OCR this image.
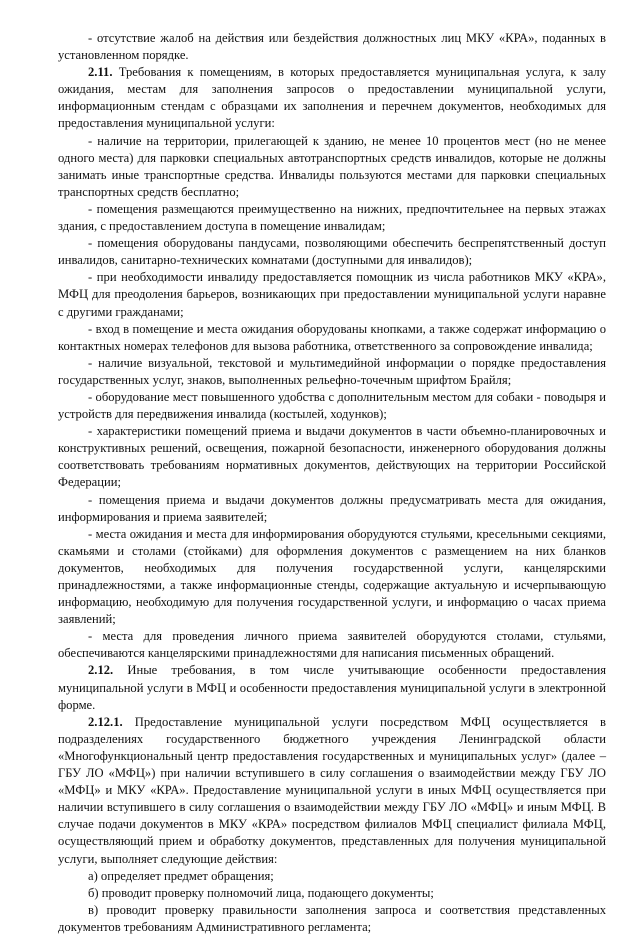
- отсутствие жалоб на действия или бездействия должностных лиц МКУ «КРА», поданных в установленном порядке.

2.11. Требования к помещениям, в которых предоставляется муниципальная услуга, к залу ожидания, местам для заполнения запросов о предоставлении муниципальной услуги, информационным стендам с образцами их заполнения и перечнем документов, необходимых для предоставления муниципальной услуги:

- наличие на территории, прилегающей к зданию, не менее 10 процентов мест (но не менее одного места) для парковки специальных автотранспортных средств инвалидов, которые не должны занимать иные транспортные средства. Инвалиды пользуются местами для парковки специальных транспортных средств бесплатно;

- помещения размещаются преимущественно на нижних, предпочтительнее на первых этажах здания, с предоставлением доступа в помещение инвалидам;

- помещения оборудованы пандусами, позволяющими обеспечить беспрепятственный доступ инвалидов, санитарно-технических комнатами (доступными для инвалидов);

- при необходимости инвалиду предоставляется помощник из числа работников МКУ «КРА», МФЦ для преодоления барьеров, возникающих при предоставлении муниципальной услуги наравне с другими гражданами;

- вход в помещение и места ожидания оборудованы кнопками, а также содержат информацию о контактных номерах телефонов для вызова работника, ответственного за сопровождение инвалида;

- наличие визуальной, текстовой и мультимедийной информации о порядке предоставления государственных услуг, знаков, выполненных рельефно-точечным шрифтом Брайля;

- оборудование мест повышенного удобства с дополнительным местом для собаки - поводыря и устройств для передвижения инвалида (костылей, ходунков);

- характеристики помещений приема и выдачи документов в части объемно-планировочных и конструктивных решений, освещения, пожарной безопасности, инженерного оборудования должны соответствовать требованиям нормативных документов, действующих на территории Российской Федерации;

- помещения приема и выдачи документов должны предусматривать места для ожидания, информирования и приема заявителей;

- места ожидания и места для информирования оборудуются стульями, кресельными секциями, скамьями и столами (стойками) для оформления документов с размещением на них бланков документов, необходимых для получения государственной услуги, канцелярскими принадлежностями, а также информационные стенды, содержащие актуальную и исчерпывающую информацию, необходимую для получения государственной услуги, и информацию о часах приема заявлений;

- места для проведения личного приема заявителей оборудуются столами, стульями, обеспечиваются канцелярскими принадлежностями для написания письменных обращений.

2.12. Иные требования, в том числе учитывающие особенности предоставления муниципальной услуги в МФЦ и особенности предоставления муниципальной услуги в электронной форме.

2.12.1. Предоставление муниципальной услуги посредством МФЦ осуществляется в подразделениях государственного бюджетного учреждения Ленинградской области «Многофункциональный центр предоставления государственных и муниципальных услуг» (далее – ГБУ ЛО «МФЦ») при наличии вступившего в силу соглашения о взаимодействии между ГБУ ЛО «МФЦ» и МКУ «КРА». Предоставление муниципальной услуги в иных МФЦ осуществляется при наличии вступившего в силу соглашения о взаимодействии между ГБУ ЛО «МФЦ» и иным МФЦ. В случае подачи документов в МКУ «КРА» посредством филиалов МФЦ специалист филиала МФЦ, осуществляющий прием и обработку документов, представленных для получения муниципальной услуги, выполняет следующие действия:

а) определяет предмет обращения;

б) проводит проверку полномочий лица, подающего документы;

в) проводит проверку правильности заполнения запроса и соответствия представленных документов требованиям Административного регламента;
